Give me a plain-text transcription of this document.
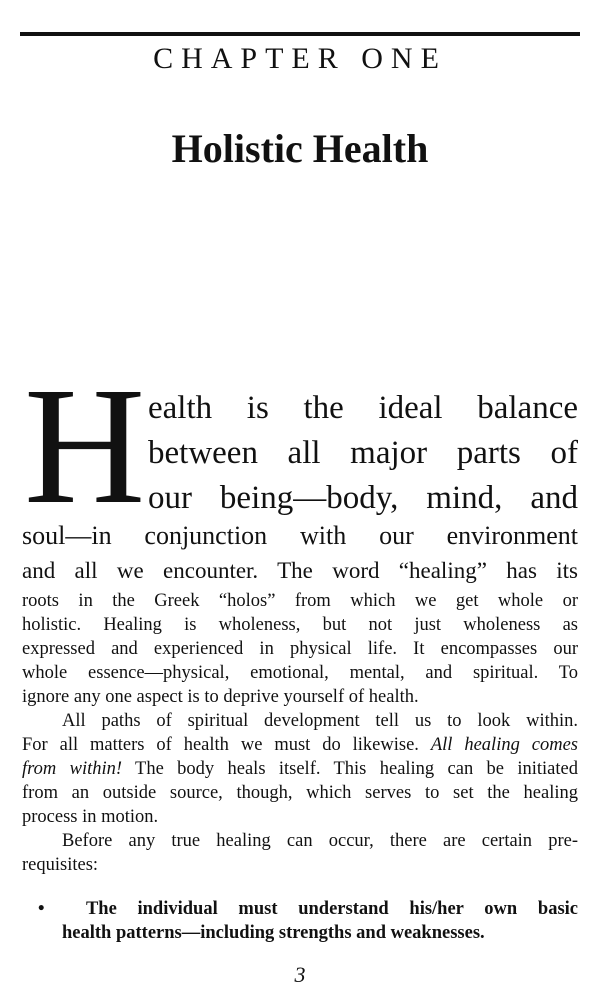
CHAPTER ONE
Holistic Health
H ealth is the ideal balance
between all major parts of
our being—body, mind, and
soul—in conjunction with our environment
and all we encounter. The word “healing” has its
roots in the Greek “holos” from which we get whole or
holistic. Healing is wholeness, but not just wholeness as
expressed and experienced in physical life. It encompasses our
whole essence—physical, emotional, mental, and spiritual. To
ignore any one aspect is to deprive yourself of health.
All paths of spiritual development tell us to look within.
For all matters of health we must do likewise. All healing comes
from within! The body heals itself. This healing can be initiated
from an outside source, though, which serves to set the healing
process in motion.
Before any true healing can occur, there are certain pre-
requisites:
• The individual must understand his/her own basic
health patterns—including strengths and weaknesses.
3
